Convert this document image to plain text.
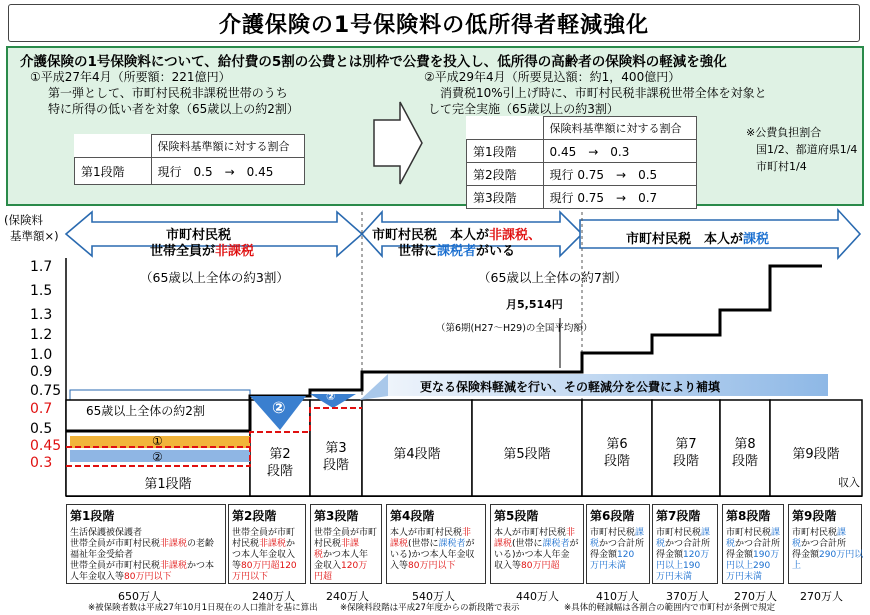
介護保険の1号保険料の低所得者軽減強化
介護保険の1号保険料について、給付費の5割の公費とは別枠で公費を投入し、低所得の高齢者の保険料の軽減を強化
①平成27年4月（所要額：221億円）
第一弾として、市町村民税非課税世帯のうち
特に所得の低い者を対象（65歳以上の約2割）
	保険料基準額に対する割合
第1段階	現行　0.5　→　0.45
②平成29年4月（所要見込額：約1，400億円）
消費税10%引上げ時に、市町村民税非課税世帯全体を対象と
して完全実施（65歳以上の約3割）
	保険料基準額に対する割合
第1段階	0.45　→　0.3
第2段階	現行 0.75　→　0.5
第3段階	現行 0.75　→　0.7
※公費負担割合
国1/2、都道府県1/4
市町村1/4
(保険料
基準額×)
1.7
1.5
1.3
1.2
1.0
0.9
0.75
0.7
0.5
0.45
0.3
市町村民税
世帯全員が非課税
市町村民税　本人が非課税、
世帯に課税者がいる
市町村民税　本人が課税
（65歳以上全体の約3割）	（65歳以上全体の約7割）
65歳以上全体の約2割
月5,514円
（第6期(H27～H29)の全国平均額）
更なる保険料軽減を行い、その軽減分を公費により補填
①
②
②
②
収入
第1段階
第2
段階
第3
段階
第4段階	第5段階
第6
段階
第7
段階
第8
段階	第9段階
第1段階
生活保護被保護者
世帯全員が市町村民税非課税の老齢
福祉年金受給者
世帯全員が市町村民税非課税かつ本
人年金収入等80万円以下
第2段階
世帯全員が市町
村民税非課税か
つ本人年金収入
等80万円超120
万円以下
第3段階
世帯全員が市町
村民税非課
税かつ本人年
金収入120万
円超
第4段階
本人が市町村民税非
課税(世帯に課税者が
いる)かつ本人年金収
入等80万円以下
第5段階
本人が市町村民税非
課税(世帯に課税者が
いる)かつ本人年金
収入等80万円超
第6段階
市町村民税課
税かつ合計所
得金額120
万円未満
第7段階
市町村民税課
税かつ合計所
得金額120万
円以上190
万円未満
第8段階
市町村民税課
税かつ合計所
得金額190万
円以上290
万円未満
第9段階
市町村民税課
税かつ合計所
得金額290万円以
上
650万人	240万人	240万人	540万人	440万人	410万人 370万人 270万人 270万人
※被保険者数は平成27年10月1日現在の人口推計を基に算出	※保険料段階は平成27年度からの新段階で表示	※具体的軽減幅は各割合の範囲内で市町村が条例で規定
